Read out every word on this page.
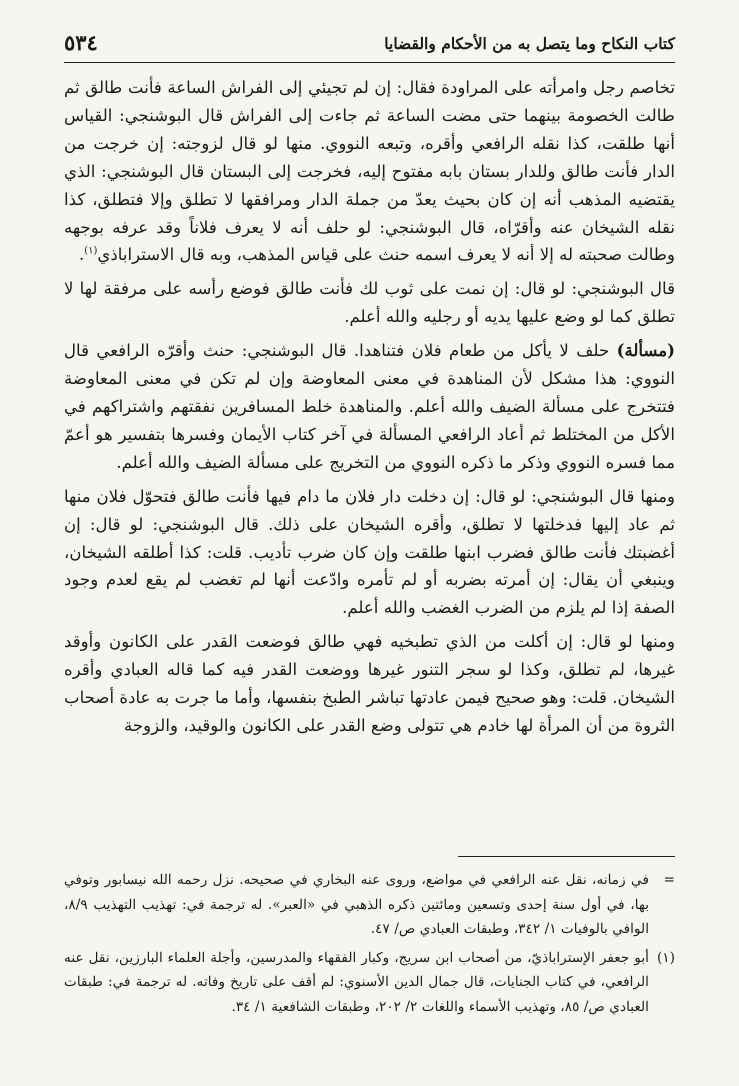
كتاب النكاح وما يتصل به من الأحكام والقضايا
٥٣٤

تخاصم رجل وامرأته على المراودة فقال: إن لم تجيئي إلى الفراش الساعة فأنت طالق ثم طالت الخصومة بينهما حتى مضت الساعة ثم جاءت إلى الفراش قال البوشنجي: القياس أنها طلقت، كذا نقله الرافعي وأقره، وتبعه النووي. منها لو قال لزوجته: إن خرجت من الدار فأنت طالق وللدار بستان بابه مفتوح إليه، فخرجت إلى البستان قال البوشنجي: الذي يقتضيه المذهب أنه إن كان بحيث يعدّ من جملة الدار ومرافقها لا تطلق وإلا فتطلق، كذا نقله الشيخان عنه وأقرّاه، قال البوشنجي: لو حلف أنه لا يعرف فلاناً وقد عرفه بوجهه وطالت صحبته له إلا أنه لا يعرف اسمه حنث على قياس المذهب، وبه قال الاستراباذي$^{(١)}$.

قال البوشنجي: لو قال: إن نمت على ثوب لك فأنت طالق فوضع رأسه على مرفقة لها لا تطلق كما لو وضع عليها يديه أو رجليه والله أعلم.

(مسألة) حلف لا يأكل من طعام فلان فتناهدا. قال البوشنجي: حنث وأقرّه الرافعي قال النووي: هذا مشكل لأن المناهدة في معنى المعاوضة وإن لم تكن في معنى المعاوضة فتتخرج على مسألة الضيف والله أعلم. والمناهدة خلط المسافرين نفقتهم واشتراكهم في الأكل من المختلط ثم أعاد الرافعي المسألة في آخر كتاب الأيمان وفسرها بتفسير هو أعمّ مما فسره النووي وذكر ما ذكره النووي من التخريج على مسألة الضيف والله أعلم.

ومنها قال البوشنجي: لو قال: إن دخلت دار فلان ما دام فيها فأنت طالق فتحوّل فلان منها ثم عاد إليها فدخلتها لا تطلق، وأقره الشيخان على ذلك. قال البوشنجي: لو قال: إن أغضبتك فأنت طالق فضرب ابنها طلقت وإن كان ضرب تأديب. قلت: كذا أطلقه الشيخان، وينبغي أن يقال: إن أمرته بضربه أو لم تأمره وادّعت أنها لم تغضب لم يقع لعدم وجود الصفة إذا لم يلزم من الضرب الغضب والله أعلم.

ومنها لو قال: إن أكلت من الذي تطبخيه فهي طالق فوضعت القدر على الكانون وأوقد غيرها، لم تطلق، وكذا لو سجر التنور غيرها ووضعت القدر فيه كما قاله العبادي وأقره الشيخان. قلت: وهو صحيح فيمن عادتها تباشر الطبخ بنفسها، وأما ما جرت به عادة أصحاب الثروة من أن المرأة لها خادم هي تتولى وضع القدر على الكانون والوقيد، والزوجة

=
في زمانه، نقل عنه الرافعي في مواضع، وروى عنه البخاري في صحيحه. نزل رحمه الله نيسابور وتوفي بها، في أول سنة إحدى وتسعين ومائتين ذكره الذهبي في «العبر». له ترجمة في: تهذيب التهذيب ٨/٩، الوافي بالوفيات ١/ ٣٤٢، وطبقات العبادي ص/ ٤٧.

(١)
أبو جعفر الإستراباذيّ، من أصحاب ابن سريج، وكبار الفقهاء والمدرسين، وأجلة العلماء البارزين، نقل عنه الرافعي، في كتاب الجنايات، قال جمال الدين الأسنوي: لم أقف على تاريخ وفاته. له ترجمة في: طبقات العبادي ص/ ٨٥، وتهذيب الأسماء واللغات ٢/ ٢٠٢، وطبقات الشافعية ١/ ٣٤.
